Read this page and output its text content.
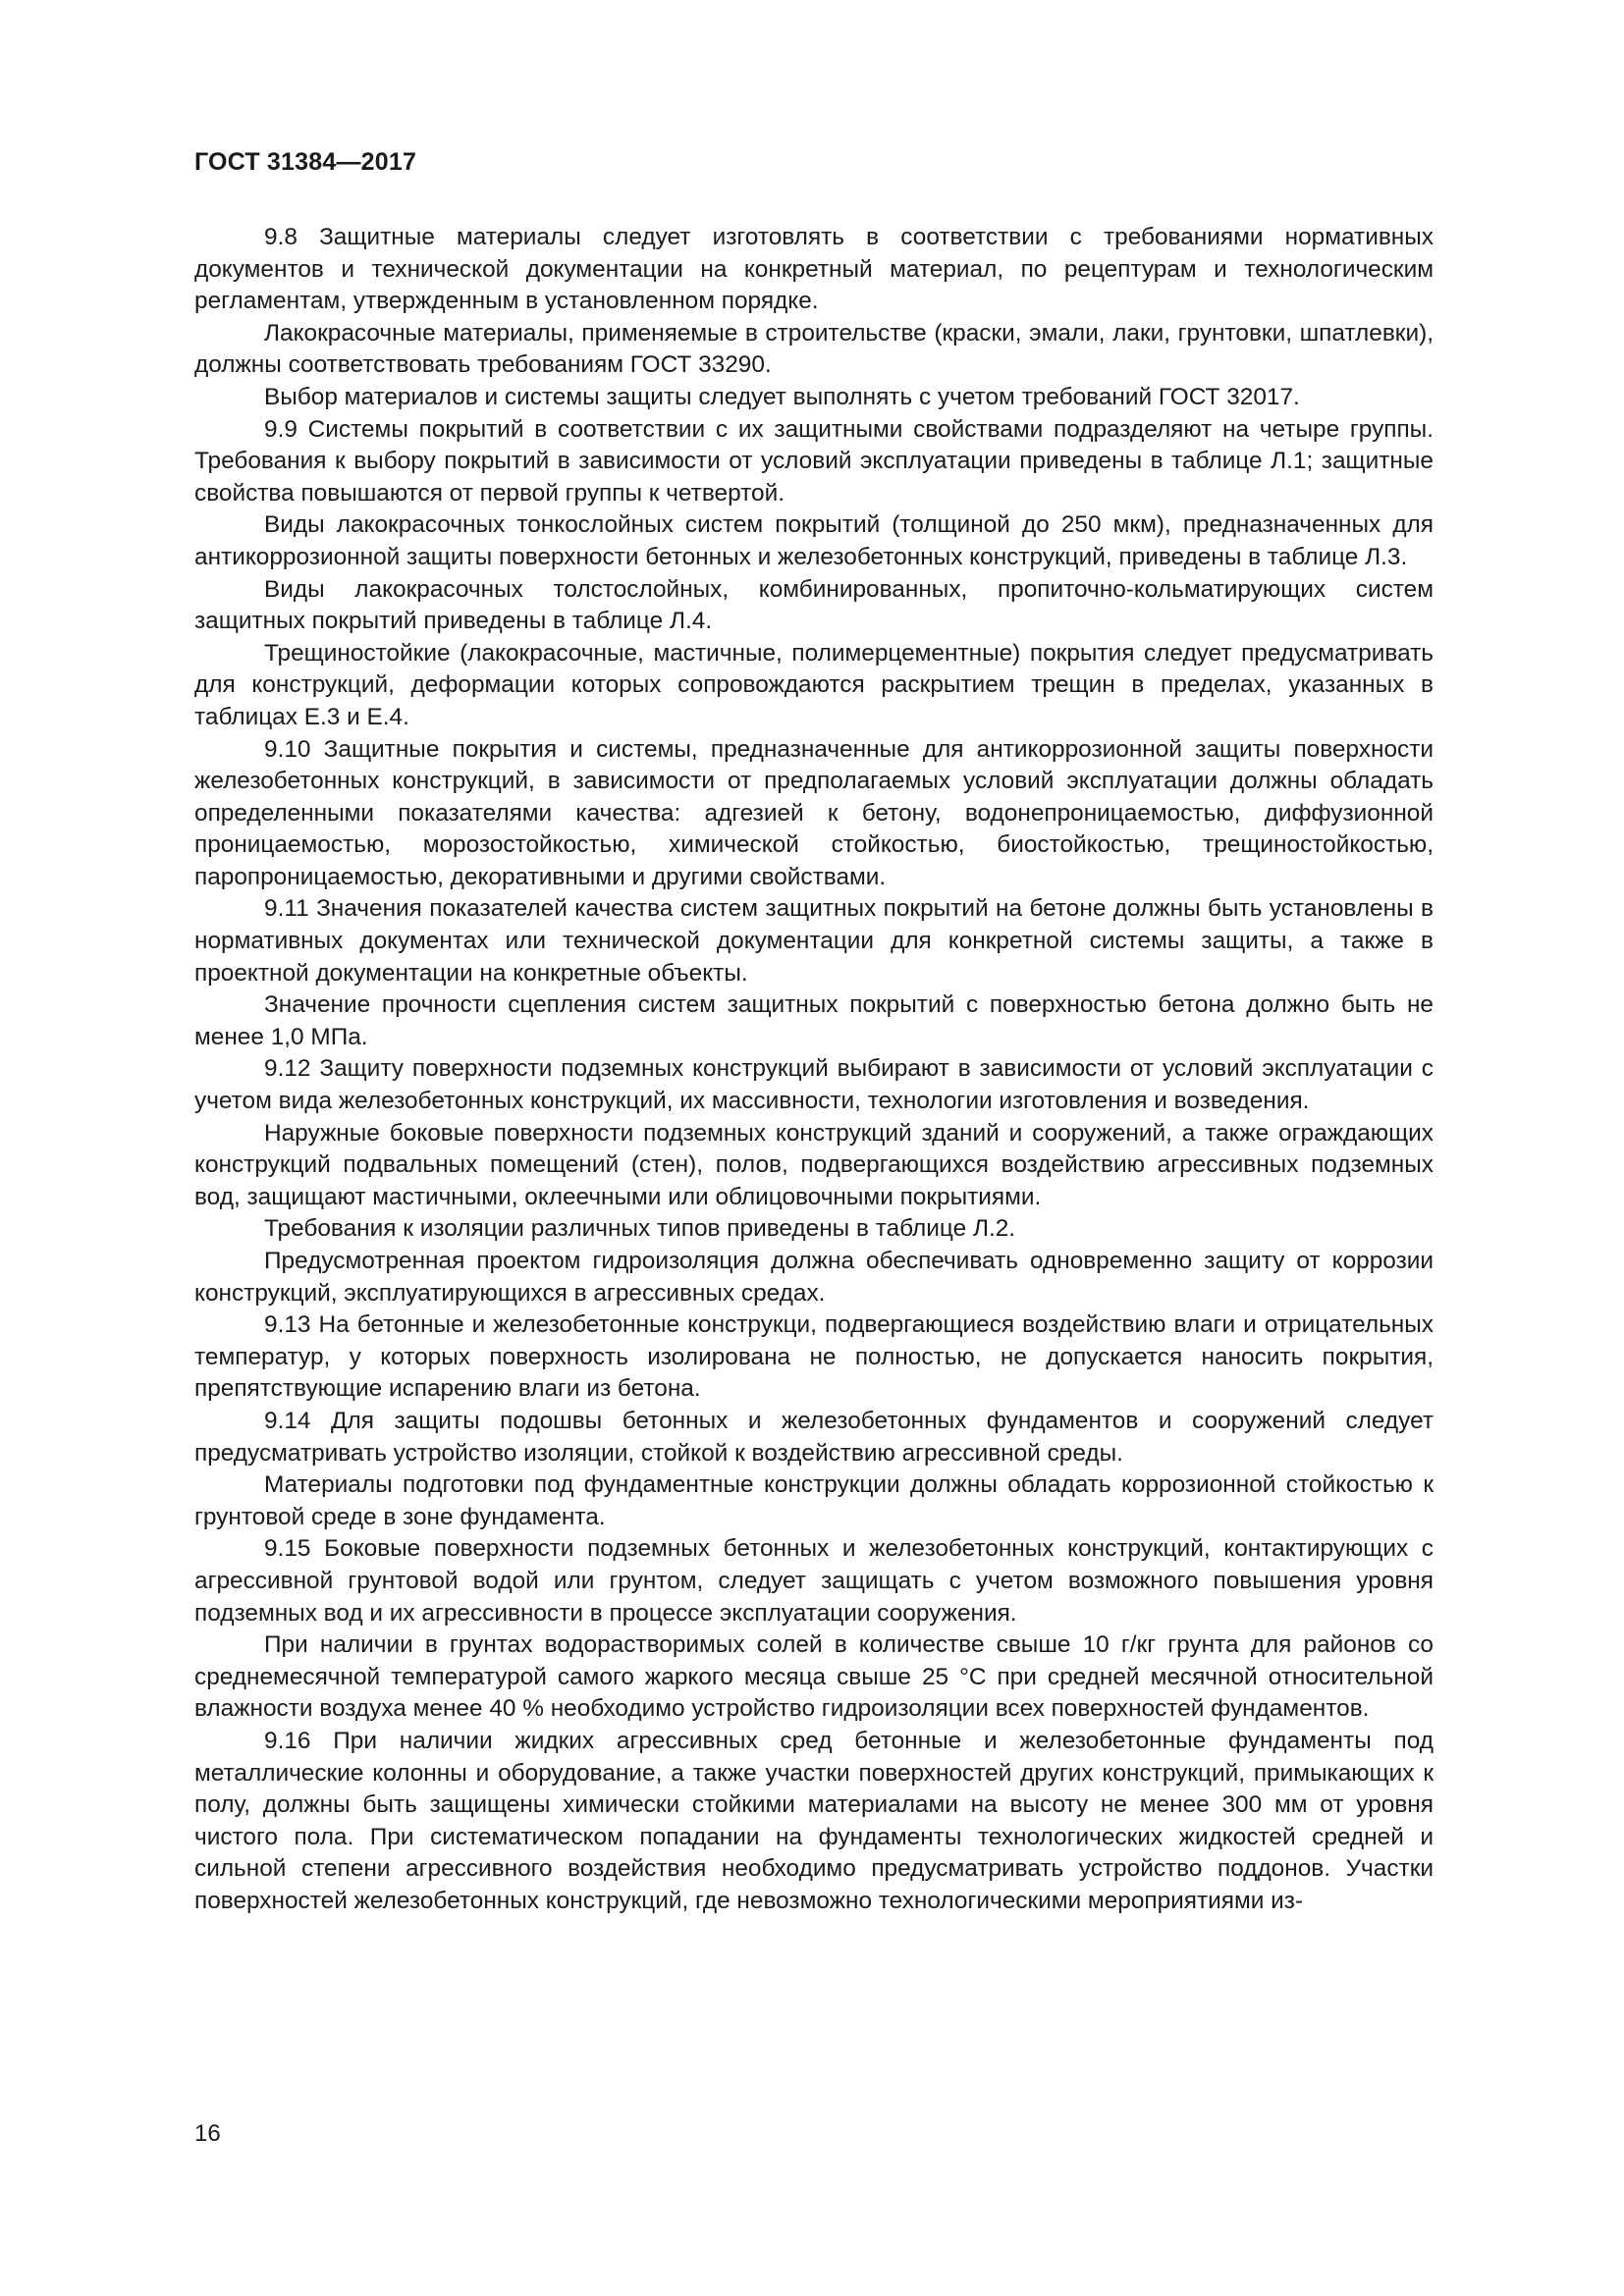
ГОСТ 31384—2017

9.8 Защитные материалы следует изготовлять в соответствии с требованиями нормативных документов и технической документации на конкретный материал, по рецептурам и технологическим регламентам, утвержденным в установленном порядке.

Лакокрасочные материалы, применяемые в строительстве (краски, эмали, лаки, грунтовки, шпатлевки), должны соответствовать требованиям ГОСТ 33290.

Выбор материалов и системы защиты следует выполнять с учетом требований ГОСТ 32017.

9.9 Системы покрытий в соответствии с их защитными свойствами подразделяют на четыре группы. Требования к выбору покрытий в зависимости от условий эксплуатации приведены в таблице Л.1; защитные свойства повышаются от первой группы к четвертой.

Виды лакокрасочных тонкослойных систем покрытий (толщиной до 250 мкм), предназначенных для антикоррозионной защиты поверхности бетонных и железобетонных конструкций, приведены в таблице Л.3.

Виды лакокрасочных толстослойных, комбинированных, пропиточно-кольматирующих систем защитных покрытий приведены в таблице Л.4.

Трещиностойкие (лакокрасочные, мастичные, полимерцементные) покрытия следует предусматривать для конструкций, деформации которых сопровождаются раскрытием трещин в пределах, указанных в таблицах Е.3 и Е.4.

9.10 Защитные покрытия и системы, предназначенные для антикоррозионной защиты поверхности железобетонных конструкций, в зависимости от предполагаемых условий эксплуатации должны обладать определенными показателями качества: адгезией к бетону, водонепроницаемостью, диффузионной проницаемостью, морозостойкостью, химической стойкостью, биостойкостью, трещиностойкостью, паропроницаемостью, декоративными и другими свойствами.

9.11 Значения показателей качества систем защитных покрытий на бетоне должны быть установлены в нормативных документах или технической документации для конкретной системы защиты, а также в проектной документации на конкретные объекты.

Значение прочности сцепления систем защитных покрытий с поверхностью бетона должно быть не менее 1,0 МПа.

9.12 Защиту поверхности подземных конструкций выбирают в зависимости от условий эксплуатации с учетом вида железобетонных конструкций, их массивности, технологии изготовления и возведения.

Наружные боковые поверхности подземных конструкций зданий и сооружений, а также ограждающих конструкций подвальных помещений (стен), полов, подвергающихся воздействию агрессивных подземных вод, защищают мастичными, оклеечными или облицовочными покрытиями.

Требования к изоляции различных типов приведены в таблице Л.2.

Предусмотренная проектом гидроизоляция должна обеспечивать одновременно защиту от коррозии конструкций, эксплуатирующихся в агрессивных средах.

9.13 На бетонные и железобетонные конструкци, подвергающиеся воздействию влаги и отрицательных температур, у которых поверхность изолирована не полностью, не допускается наносить покрытия, препятствующие испарению влаги из бетона.

9.14 Для защиты подошвы бетонных и железобетонных фундаментов и сооружений следует предусматривать устройство изоляции, стойкой к воздействию агрессивной среды.

Материалы подготовки под фундаментные конструкции должны обладать коррозионной стойкостью к грунтовой среде в зоне фундамента.

9.15 Боковые поверхности подземных бетонных и железобетонных конструкций, контактирующих с агрессивной грунтовой водой или грунтом, следует защищать с учетом возможного повышения уровня подземных вод и их агрессивности в процессе эксплуатации сооружения.

При наличии в грунтах водорастворимых солей в количестве свыше 10 г/кг грунта для районов со среднемесячной температурой самого жаркого месяца свыше 25 °С при средней месячной относительной влажности воздуха менее 40 % необходимо устройство гидроизоляции всех поверхностей фундаментов.

9.16 При наличии жидких агрессивных сред бетонные и железобетонные фундаменты под металлические колонны и оборудование, а также участки поверхностей других конструкций, примыкающих к полу, должны быть защищены химически стойкими материалами на высоту не менее 300 мм от уровня чистого пола. При систематическом попадании на фундаменты технологических жидкостей средней и сильной степени агрессивного воздействия необходимо предусматривать устройство поддонов. Участки поверхностей железобетонных конструкций, где невозможно технологическими мероприятиями из-

16
